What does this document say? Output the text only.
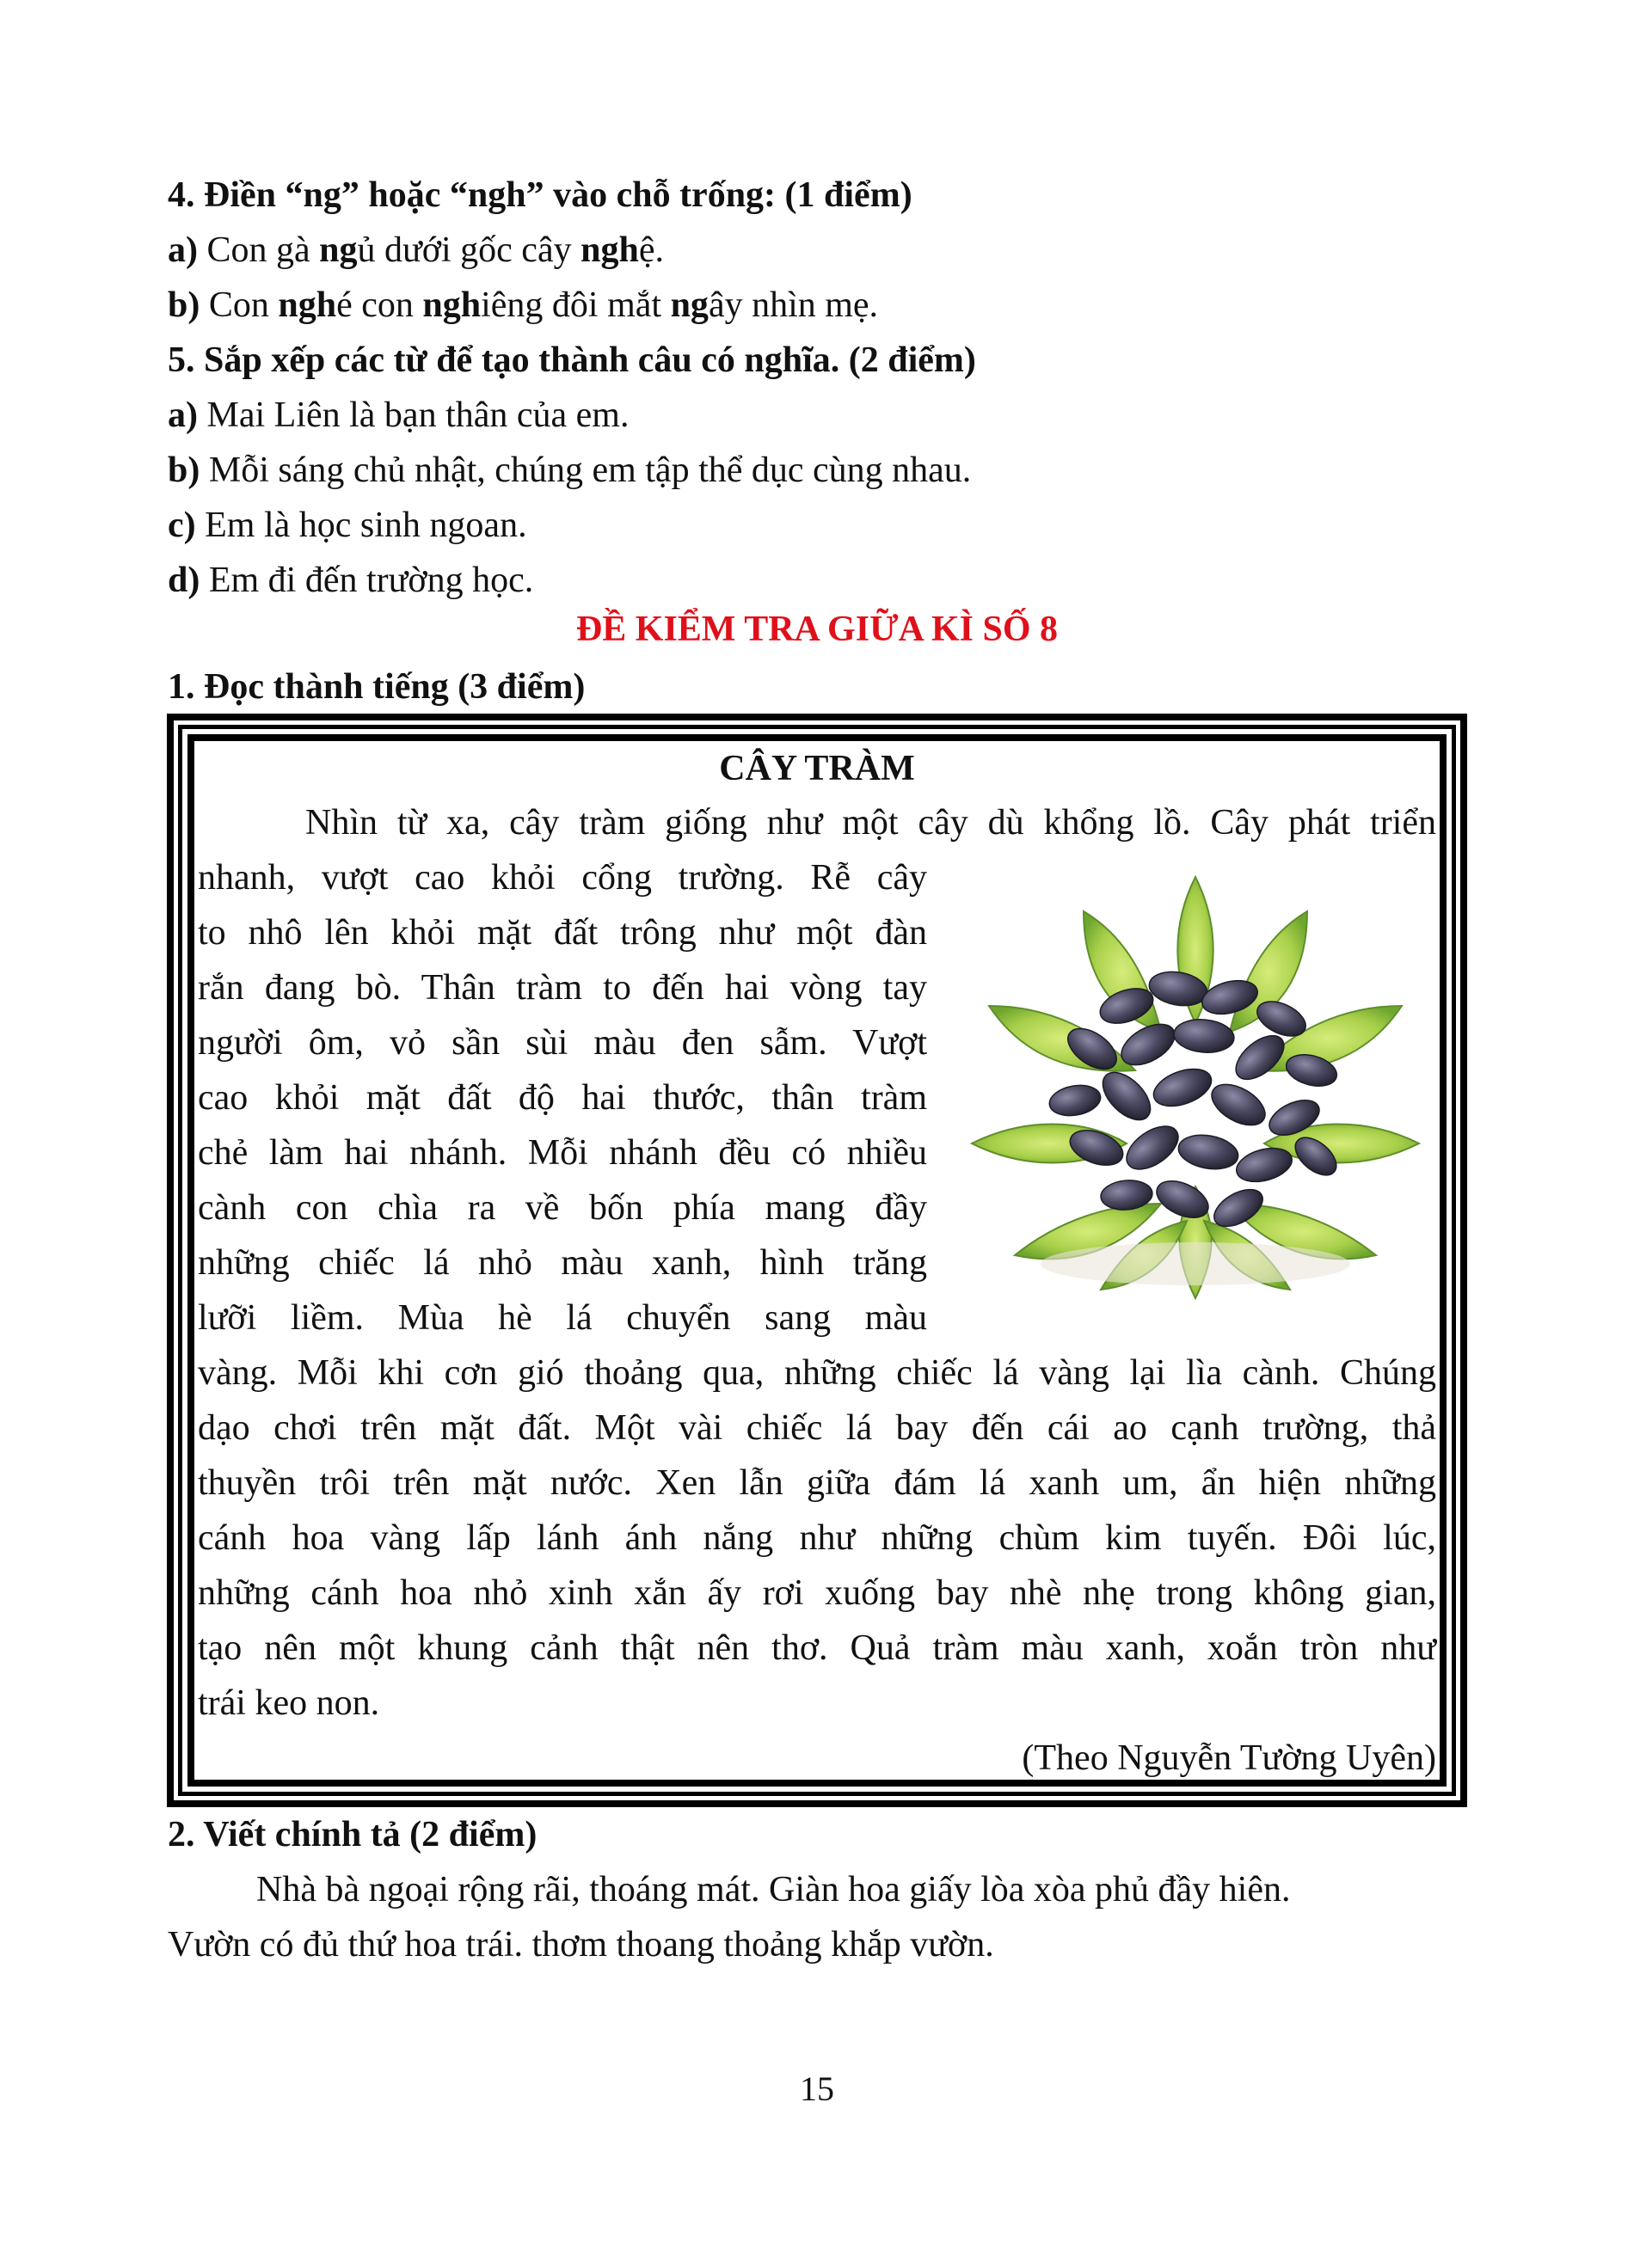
4. Điền “ng” hoặc “ngh” vào chỗ trống: (1 điểm)
a) Con gà ngủ dưới gốc cây nghệ.
b) Con nghé con nghiêng đôi mắt ngây nhìn mẹ.
5. Sắp xếp các từ để tạo thành câu có nghĩa. (2 điểm)
a) Mai Liên là bạn thân của em.
b) Mỗi sáng chủ nhật, chúng em tập thể dục cùng nhau.
c) Em là học sinh ngoan.
d) Em đi đến trường học.
ĐỀ KIỂM TRA GIỮA KÌ SỐ 8
1. Đọc thành tiếng (3 điểm)
CÂY TRÀM
Nhìn từ xa, cây tràm giống như một cây dù khổng lồ. Cây phát triển
nhanh, vượt cao khỏi cổng trường. Rễ cây
to nhô lên khỏi mặt đất trông như một đàn
rắn đang bò. Thân tràm to đến hai vòng tay
người ôm, vỏ sần sùi màu đen sẫm. Vượt
cao khỏi mặt đất độ hai thước, thân tràm
chẻ làm hai nhánh. Mỗi nhánh đều có nhiều
cành con chìa ra về bốn phía mang đầy
những chiếc lá nhỏ màu xanh, hình trăng
lưỡi liềm. Mùa hè lá chuyển sang màu
vàng. Mỗi khi cơn gió thoảng qua, những chiếc lá vàng lại lìa cành. Chúng
dạo chơi trên mặt đất. Một vài chiếc lá bay đến cái ao cạnh trường, thả
thuyền trôi trên mặt nước. Xen lẫn giữa đám lá xanh um, ẩn hiện những
cánh hoa vàng lấp lánh ánh nắng như những chùm kim tuyến. Đôi lúc,
những cánh hoa nhỏ xinh xắn ấy rơi xuống bay nhè nhẹ trong không gian,
tạo nên một khung cảnh thật nên thơ. Quả tràm màu xanh, xoắn tròn như
trái keo non.
(Theo Nguyễn Tường Uyên)
2. Viết chính tả (2 điểm)
Nhà bà ngoại rộng rãi, thoáng mát. Giàn hoa giấy lòa xòa phủ đầy hiên.
Vườn có đủ thứ hoa trái. thơm thoang thoảng khắp vườn.
15
